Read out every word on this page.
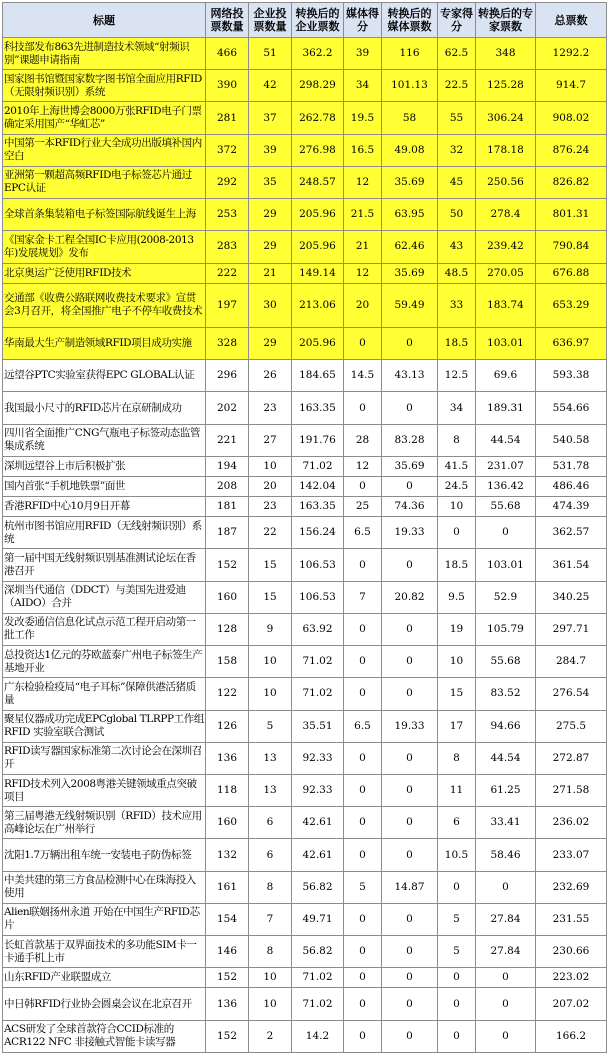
标题	网络投票数量	企业投票数量	转换后的企业票数	媒体得分	转换后的媒体票数	专家得分	转换后的专家票数	总票数
科技部发布863先进制造技术领域“射频识别”课题申请指南	466	51	362.2	39	116	62.5	348	1292.2
国家图书馆暨国家数字图书馆全面应用RFID（无限射频识别）系统	390	42	298.29	34	101.13	22.5	125.28	914.7
2010年上海世博会8000万张RFID电子门票确定采用国产“华虹芯”	281	37	262.78	19.5	58	55	306.24	908.02
中国第一本RFID行业大全成功出版填补国内空白	372	39	276.98	16.5	49.08	32	178.18	876.24
亚洲第一颗超高频RFID电子标签芯片通过EPC认证	292	35	248.57	12	35.69	45	250.56	826.82
全球首条集装箱电子标签国际航线诞生上海	253	29	205.96	21.5	63.95	50	278.4	801.31
《国家金卡工程全国IC卡应用(2008-2013年)发展规划》发布	283	29	205.96	21	62.46	43	239.42	790.84
北京奥运广泛使用RFID技术	222	21	149.14	12	35.69	48.5	270.05	676.88
交通部《收费公路联网收费技术要求》宣贯会3月召开，将全国推广电子不停车收费技术	197	30	213.06	20	59.49	33	183.74	653.29
华南最大生产制造领域RFID项目成功实施	328	29	205.96	0	0	18.5	103.01	636.97
远望谷PTC实验室获得EPC GLOBAL认证	296	26	184.65	14.5	43.13	12.5	69.6	593.38
我国最小尺寸的RFID芯片在京研制成功	202	23	163.35	0	0	34	189.31	554.66
四川省全面推广CNG气瓶电子标签动态监管集成系统	221	27	191.76	28	83.28	8	44.54	540.58
深圳远望谷上市后积极扩张	194	10	71.02	12	35.69	41.5	231.07	531.78
国内首张“手机地铁票”面世	208	20	142.04	0	0	24.5	136.42	486.46
香港RFID中心10月9日开幕	181	23	163.35	25	74.36	10	55.68	474.39
杭州市图书馆应用RFID（无线射频识别）系统	187	22	156.24	6.5	19.33	0	0	362.57
第一届中国无线射频识别基准测试论坛在香港召开	152	15	106.53	0	0	18.5	103.01	361.54
深圳当代通信（DDCT）与美国先进爱迪（AIDO）合并	160	15	106.53	7	20.82	9.5	52.9	340.25
发改委通信信息化试点示范工程开启动第一批工作	128	9	63.92	0	0	19	105.79	297.71
总投资达1亿元的芬欧蓝泰广州电子标签生产基地开业	158	10	71.02	0	0	10	55.68	284.7
广东检验检疫局“电子耳标”保障供港活猪质量	122	10	71.02	0	0	15	83.52	276.54
聚星仪器成功完成EPCglobal TLRPP工作组RFID 实验室联合测试	126	5	35.51	6.5	19.33	17	94.66	275.5
RFID读写器国家标准第二次讨论会在深圳召开	136	13	92.33	0	0	8	44.54	272.87
RFID技术列入2008粤港关键领域重点突破项目	118	13	92.33	0	0	11	61.25	271.58
第三届粤港无线射频识别（RFID）技术应用高峰论坛在广州举行	160	6	42.61	0	0	6	33.41	236.02
沈阳1.7万辆出租车统一安装电子防伪标签	132	6	42.61	0	0	10.5	58.46	233.07
中美共建的第三方食品检测中心在珠海投入使用	161	8	56.82	5	14.87	0	0	232.69
Alien联姻扬州永道 开始在中国生产RFID芯片	154	7	49.71	0	0	5	27.84	231.55
长虹首款基于双界面技术的多功能SIM卡一卡通手机上市	146	8	56.82	0	0	5	27.84	230.66
山东RFID产业联盟成立	152	10	71.02	0	0	0	0	223.02
中日韩RFID行业协会圆桌会议在北京召开	136	10	71.02	0	0	0	0	207.02
ACS研发了全球首款符合CCID标准的ACR122 NFC 非接触式智能卡读写器	152	2	14.2	0	0	0	0	166.2
